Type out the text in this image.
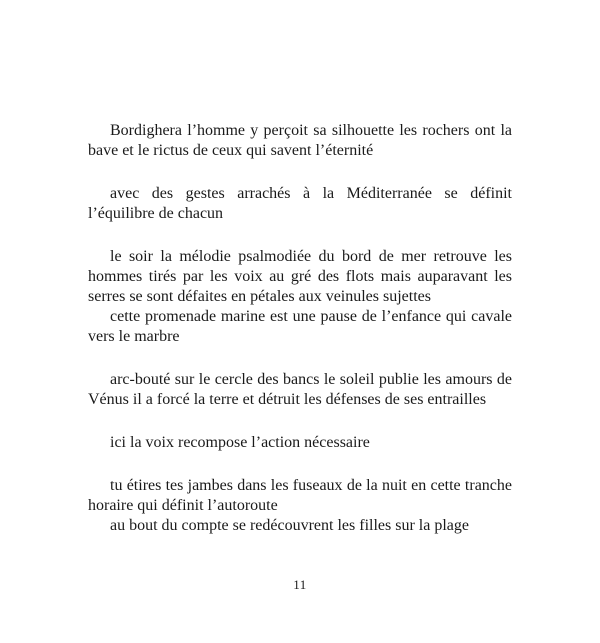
Bordighera l’homme y perçoit sa silhouette les rochers ont la bave et le rictus de ceux qui savent l’éternité

avec des gestes arrachés à la Méditerranée se définit l’équilibre de chacun

le soir la mélodie psalmodiée du bord de mer retrouve les hommes tirés par les voix au gré des flots mais auparavant les serres se sont défaites en pétales aux veinules sujettes

cette promenade marine est une pause de l’enfance qui cavale vers le marbre

arc-bouté sur le cercle des bancs le soleil publie les amours de Vénus il a forcé la terre et détruit les défenses de ses entrailles

ici la voix recompose l’action nécessaire

tu étires tes jambes dans les fuseaux de la nuit en cette tranche horaire qui définit l’autoroute

au bout du compte se redécouvrent les filles sur la plage

11
